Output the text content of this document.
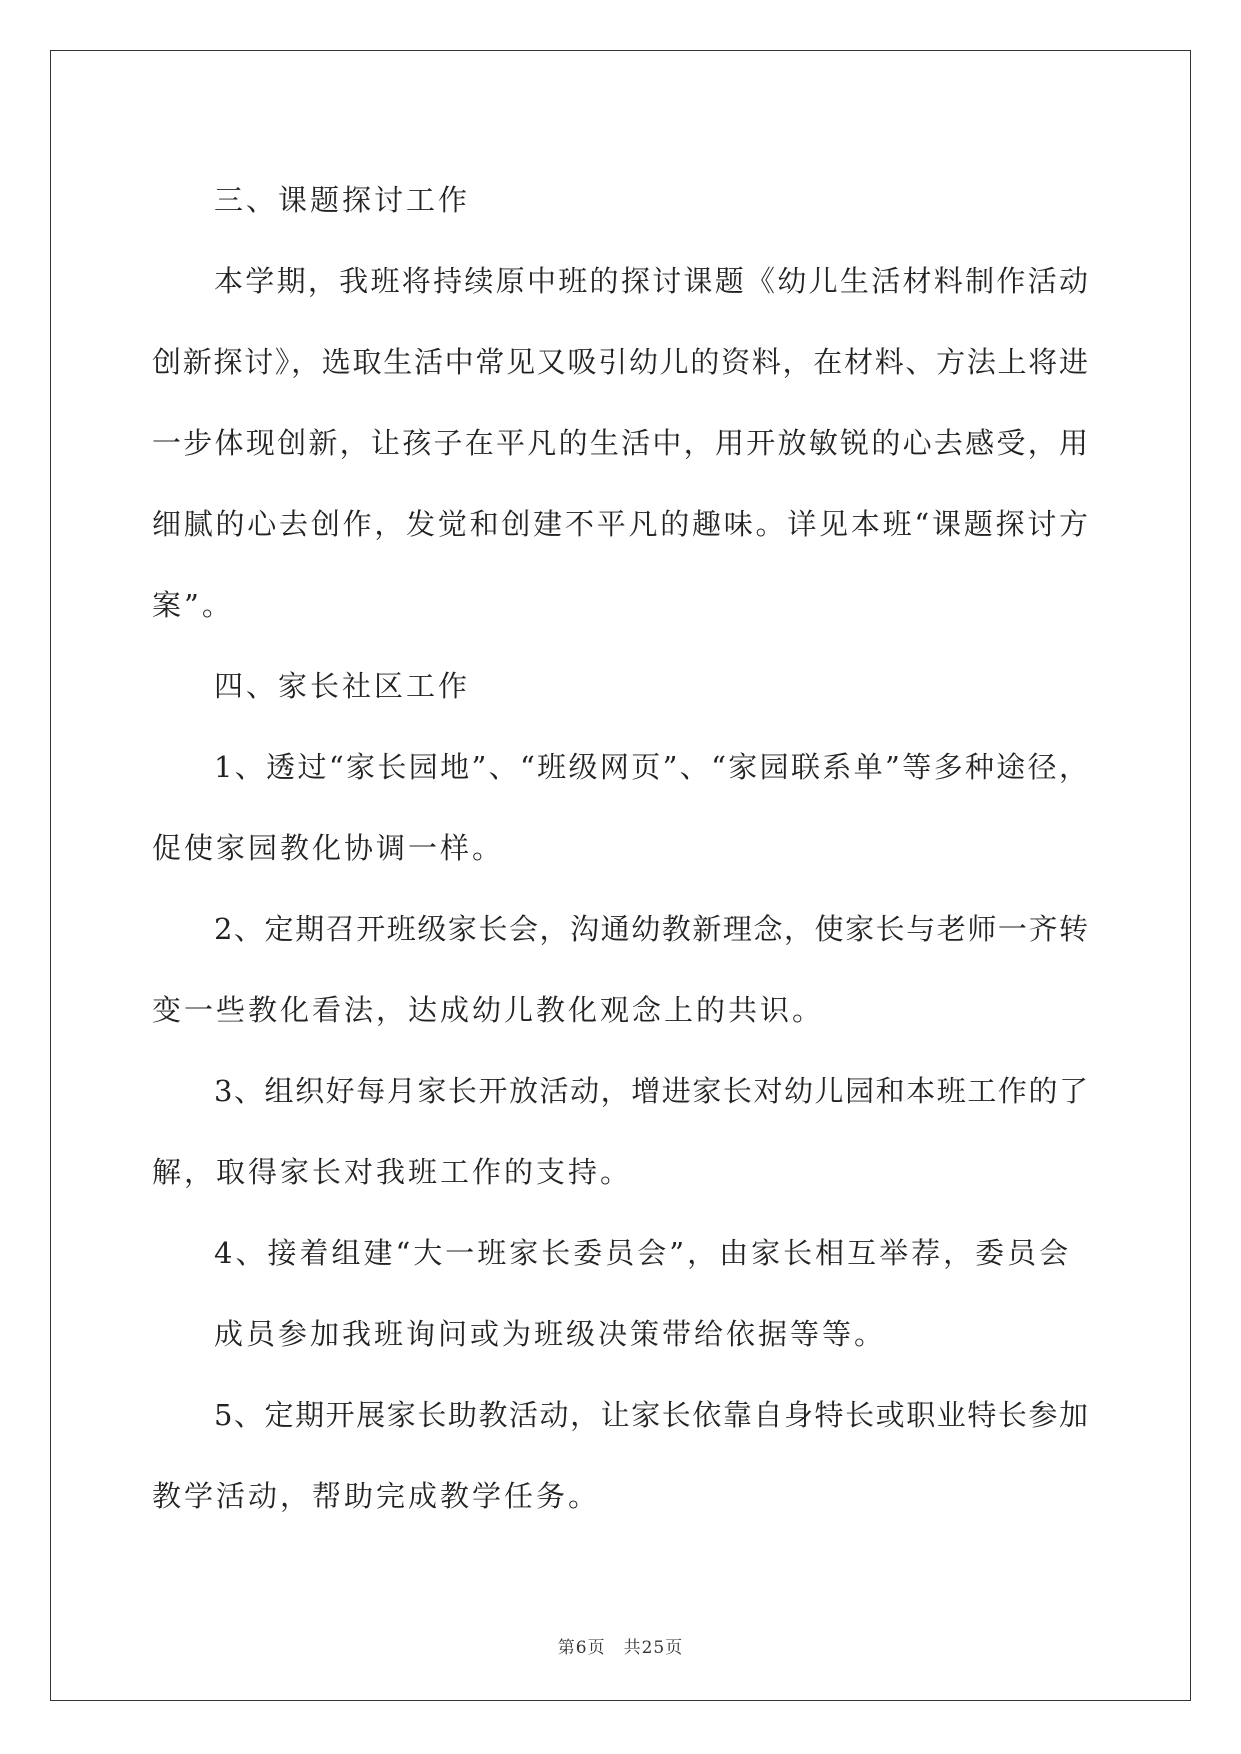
三、课题探讨工作
本学期，我班将持续原中班的探讨课题《幼儿生活材料制作活动
创新探讨》，选取生活中常见又吸引幼儿的资料，在材料、方法上将进
一步体现创新，让孩子在平凡的生活中，用开放敏锐的心去感受，用
细腻的心去创作，发觉和创建不平凡的趣味。详见本班“课题探讨方
案”。
四、家长社区工作
1、透过“家长园地”、“班级网页”、“家园联系单”等多种途径，
促使家园教化协调一样。
2、定期召开班级家长会，沟通幼教新理念，使家长与老师一齐转
变一些教化看法，达成幼儿教化观念上的共识。
3、组织好每月家长开放活动，增进家长对幼儿园和本班工作的了
解，取得家长对我班工作的支持。
4、接着组建“大一班家长委员会”，由家长相互举荐，委员会
成员参加我班询问或为班级决策带给依据等等。
5、定期开展家长助教活动，让家长依靠自身特长或职业特长参加
教学活动，帮助完成教学任务。
第6页 共25页
